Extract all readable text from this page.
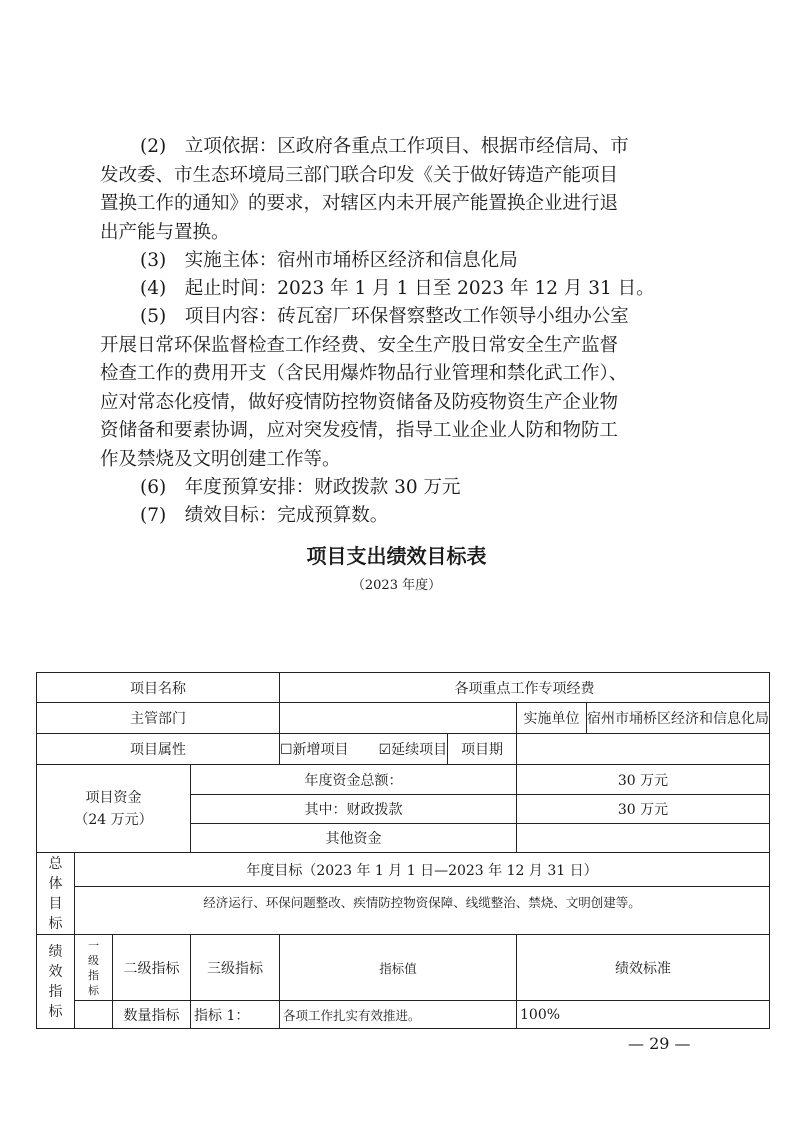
(2)　立项依据：区政府各重点工作项目、根据市经信局、市
发改委、市生态环境局三部门联合印发《关于做好铸造产能项目
置换工作的通知》的要求，对辖区内未开展产能置换企业进行退
出产能与置换。
(3)　实施主体：宿州市埇桥区经济和信息化局
(4)　起止时间：2023 年 1 月 1 日至 2023 年 12 月 31 日。
(5)　项目内容：砖瓦窑厂环保督察整改工作领导小组办公室
开展日常环保监督检查工作经费、安全生产股日常安全生产监督
检查工作的费用开支（含民用爆炸物品行业管理和禁化武工作）、
应对常态化疫情，做好疫情防控物资储备及防疫物资生产企业物
资储备和要素协调，应对突发疫情，指导工业企业人防和物防工
作及禁烧及文明创建工作等。
(6)　年度预算安排：财政拨款 30 万元
(7)　绩效目标：完成预算数。
项目支出绩效目标表
（2023 年度）
项目名称				各项重点工作专项经费	
主管部门					实施单位 宿州市埇桥区经济和信息化局

项目属性				☐新增项目 ☑延续项目 项目期	

项目资金
（24 万元）			年度资金总额：		30 万元
			其中：财政拨款		30 万元
			其他资金		

总
体
目
标	年度目标（2023 年 1 月 1 日—2023 年 12 月 31 日）				
	经济运行、环保问题整改、疾情防控物资保障、线缆整治、禁烧、文明创建等。				

绩
效
指
标	一
级
指
标	二级指标	三级指标	指标值	绩效标准
		数量指标	指标 1：	各项工作扎实有效推进。	100%
— 29 —
